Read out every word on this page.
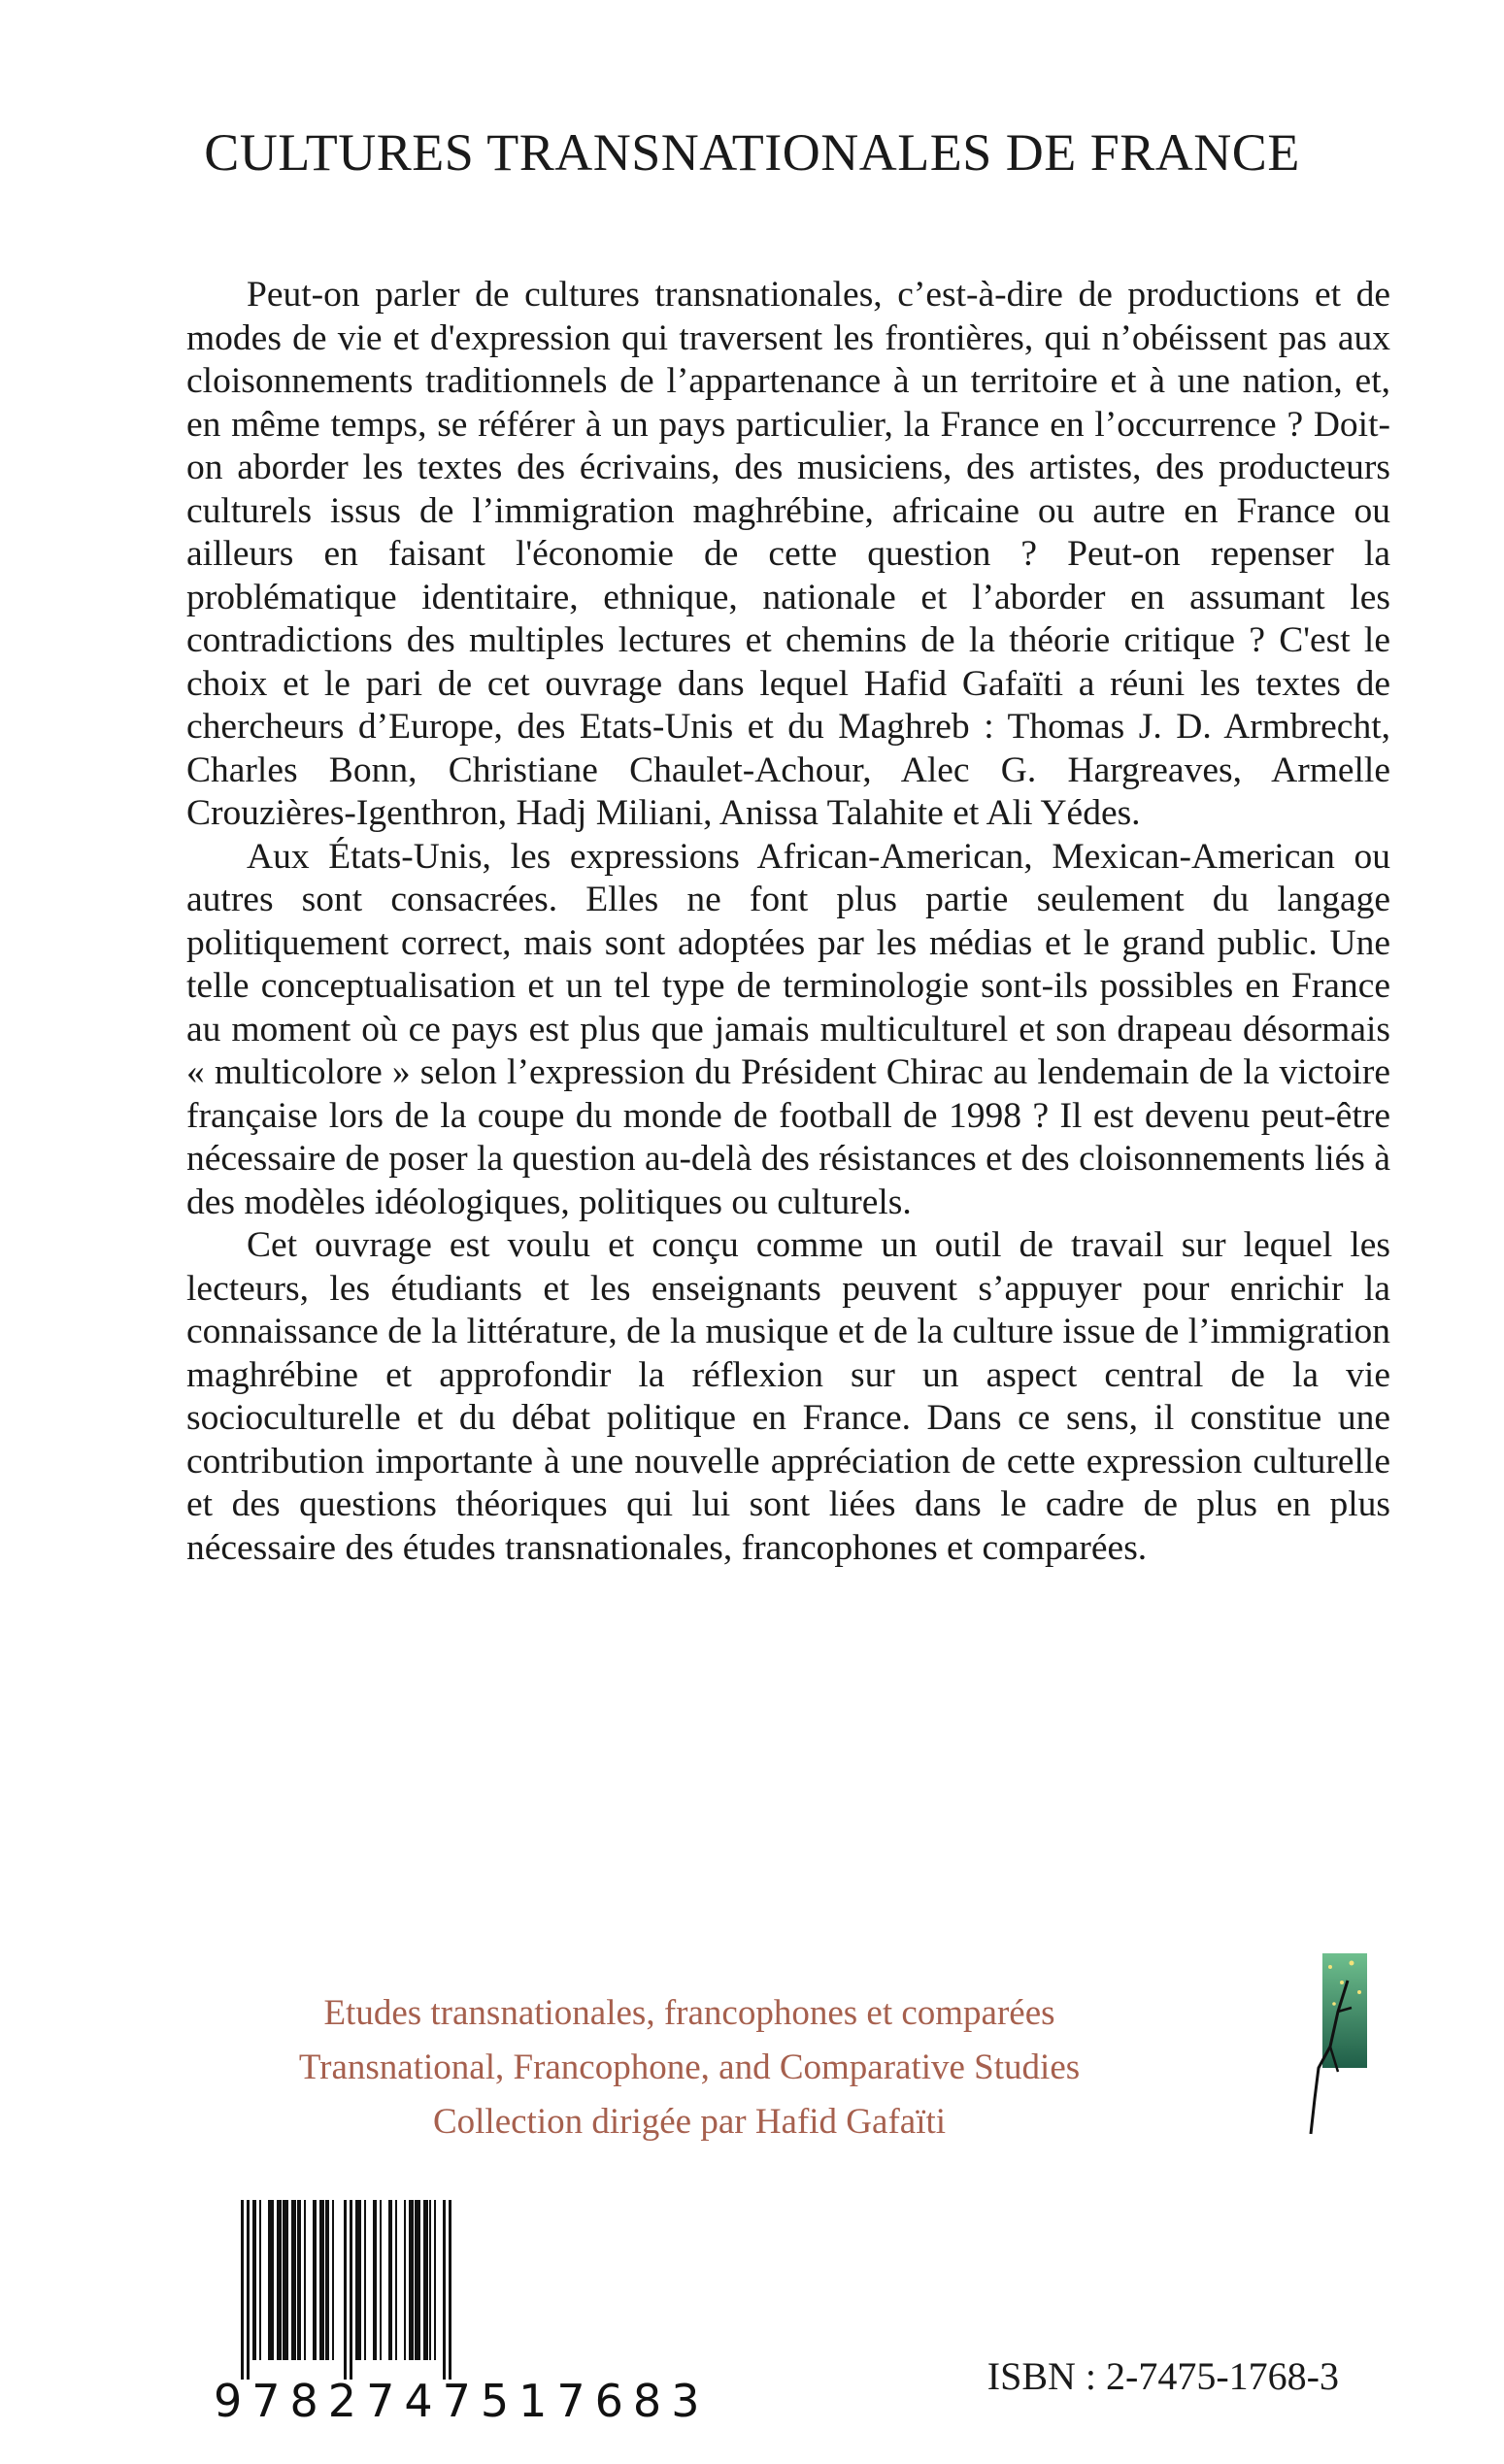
CULTURES TRANSNATIONALES DE FRANCE

Peut-on parler de cultures transnationales, c’est-à-dire de productions et de modes de vie et d'expression qui traversent les frontières, qui n’obéissent pas aux cloisonnements traditionnels de l’appartenance à un territoire et à une nation, et, en même temps, se référer à un pays particulier, la France en l’occurrence ? Doit-on aborder les textes des écrivains, des musiciens, des artistes, des producteurs culturels issus de l’immigration maghrébine, africaine ou autre en France ou ailleurs en faisant l'économie de cette question ? Peut-on repenser la problématique identitaire, ethnique, nationale et l’aborder en assumant les contradictions des multiples lectures et chemins de la théorie critique ? C'est le choix et le pari de cet ouvrage dans lequel Hafid Gafaïti a réuni les textes de chercheurs d’Europe, des Etats-Unis et du Maghreb : Thomas J. D. Armbrecht, Charles Bonn, Christiane Chaulet-Achour, Alec G. Hargreaves, Armelle Crouzières-Igenthron, Hadj Miliani, Anissa Talahite et Ali Yédes.

Aux États-Unis, les expressions African-American, Mexican-American ou autres sont consacrées. Elles ne font plus partie seulement du langage politiquement correct, mais sont adoptées par les médias et le grand public. Une telle conceptualisation et un tel type de terminologie sont-ils possibles en France au moment où ce pays est plus que jamais multiculturel et son drapeau désormais « multicolore » selon l’expression du Président Chirac au lendemain de la victoire française lors de la coupe du monde de football de 1998 ? Il est devenu peut-être nécessaire de poser la question au-delà des résistances et des cloisonnements liés à des modèles idéologiques, politiques ou culturels.

Cet ouvrage est voulu et conçu comme un outil de travail sur lequel les lecteurs, les étudiants et les enseignants peuvent s’appuyer pour enrichir la connaissance de la littérature, de la musique et de la culture issue de l’immigration maghrébine et approfondir la réflexion sur un aspect central de la vie socioculturelle et du débat politique en France. Dans ce sens, il constitue une contribution importante à une nouvelle appréciation de cette expression culturelle et des questions théoriques qui lui sont liées dans le cadre de plus en plus nécessaire des études transnationales, francophones et comparées.

Etudes transnationales, francophones et comparées
Transnational, Francophone, and Comparative Studies
Collection dirigée par Hafid Gafaïti
9782747517683	ISBN : 2-7475-1768-3
